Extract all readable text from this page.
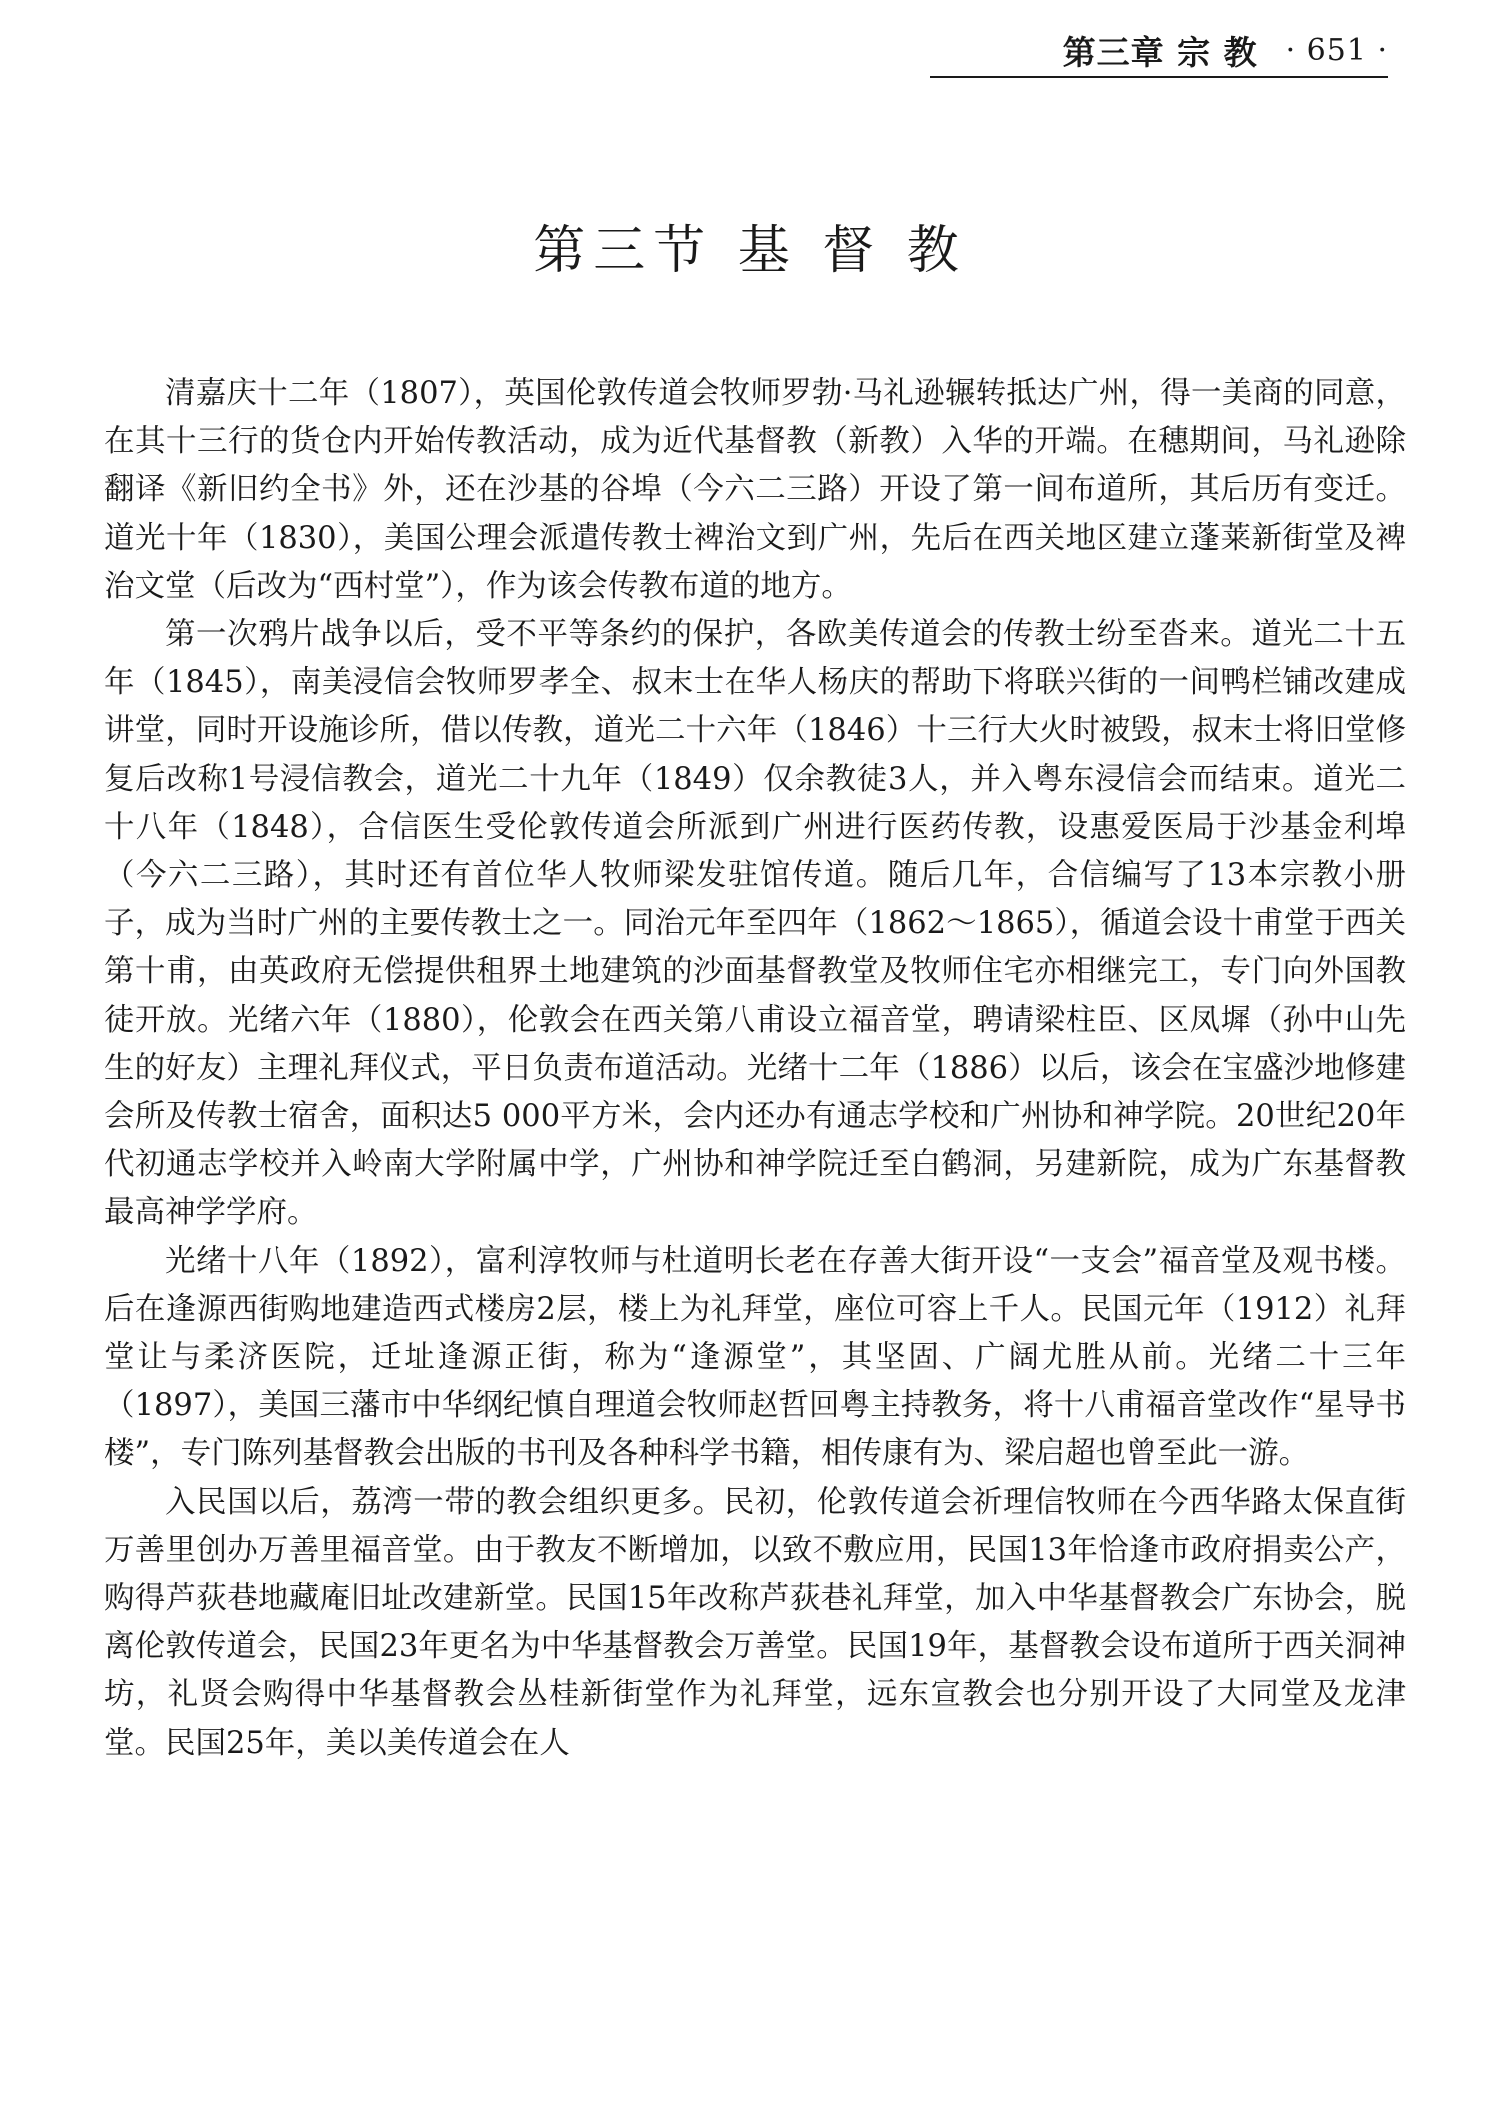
第三章 宗 教 · 651 ·
第三节 基 督 教

清嘉庆十二年（1807），英国伦敦传道会牧师罗勃·马礼逊辗转抵达广州，得一美商的同意，在其十三行的货仓内开始传教活动，成为近代基督教（新教）入华的开端。在穗期间，马礼逊除翻译《新旧约全书》外，还在沙基的谷埠（今六二三路）开设了第一间布道所，其后历有变迁。道光十年（1830），美国公理会派遣传教士裨治文到广州，先后在西关地区建立蓬莱新街堂及裨治文堂（后改为“西村堂”），作为该会传教布道的地方。

第一次鸦片战争以后，受不平等条约的保护，各欧美传道会的传教士纷至沓来。道光二十五年（1845），南美浸信会牧师罗孝全、叔末士在华人杨庆的帮助下将联兴街的一间鸭栏铺改建成讲堂，同时开设施诊所，借以传教，道光二十六年（1846）十三行大火时被毁，叔末士将旧堂修复后改称1号浸信教会，道光二十九年（1849）仅余教徒3人，并入粤东浸信会而结束。道光二十八年（1848），合信医生受伦敦传道会所派到广州进行医药传教，设惠爱医局于沙基金利埠（今六二三路），其时还有首位华人牧师梁发驻馆传道。随后几年，合信编写了13本宗教小册子，成为当时广州的主要传教士之一。同治元年至四年（1862～1865），循道会设十甫堂于西关第十甫，由英政府无偿提供租界土地建筑的沙面基督教堂及牧师住宅亦相继完工，专门向外国教徒开放。光绪六年（1880），伦敦会在西关第八甫设立福音堂，聘请梁柱臣、区凤墀（孙中山先生的好友）主理礼拜仪式，平日负责布道活动。光绪十二年（1886）以后，该会在宝盛沙地修建会所及传教士宿舍，面积达5 000平方米，会内还办有通志学校和广州协和神学院。20世纪20年代初通志学校并入岭南大学附属中学，广州协和神学院迁至白鹤洞，另建新院，成为广东基督教最高神学学府。

光绪十八年（1892），富利淳牧师与杜道明长老在存善大街开设“一支会”福音堂及观书楼。后在逢源西街购地建造西式楼房2层，楼上为礼拜堂，座位可容上千人。民国元年（1912）礼拜堂让与柔济医院，迁址逢源正街，称为“逢源堂”，其坚固、广阔尤胜从前。光绪二十三年（1897），美国三藩市中华纲纪慎自理道会牧师赵哲回粤主持教务，将十八甫福音堂改作“星导书楼”，专门陈列基督教会出版的书刊及各种科学书籍，相传康有为、梁启超也曾至此一游。

入民国以后，荔湾一带的教会组织更多。民初，伦敦传道会祈理信牧师在今西华路太保直街万善里创办万善里福音堂。由于教友不断增加，以致不敷应用，民国13年恰逢市政府捐卖公产，购得芦荻巷地藏庵旧址改建新堂。民国15年改称芦荻巷礼拜堂，加入中华基督教会广东协会，脱离伦敦传道会，民国23年更名为中华基督教会万善堂。民国19年，基督教会设布道所于西关洞神坊，礼贤会购得中华基督教会丛桂新街堂作为礼拜堂，远东宣教会也分别开设了大同堂及龙津堂。民国25年，美以美传道会在人
